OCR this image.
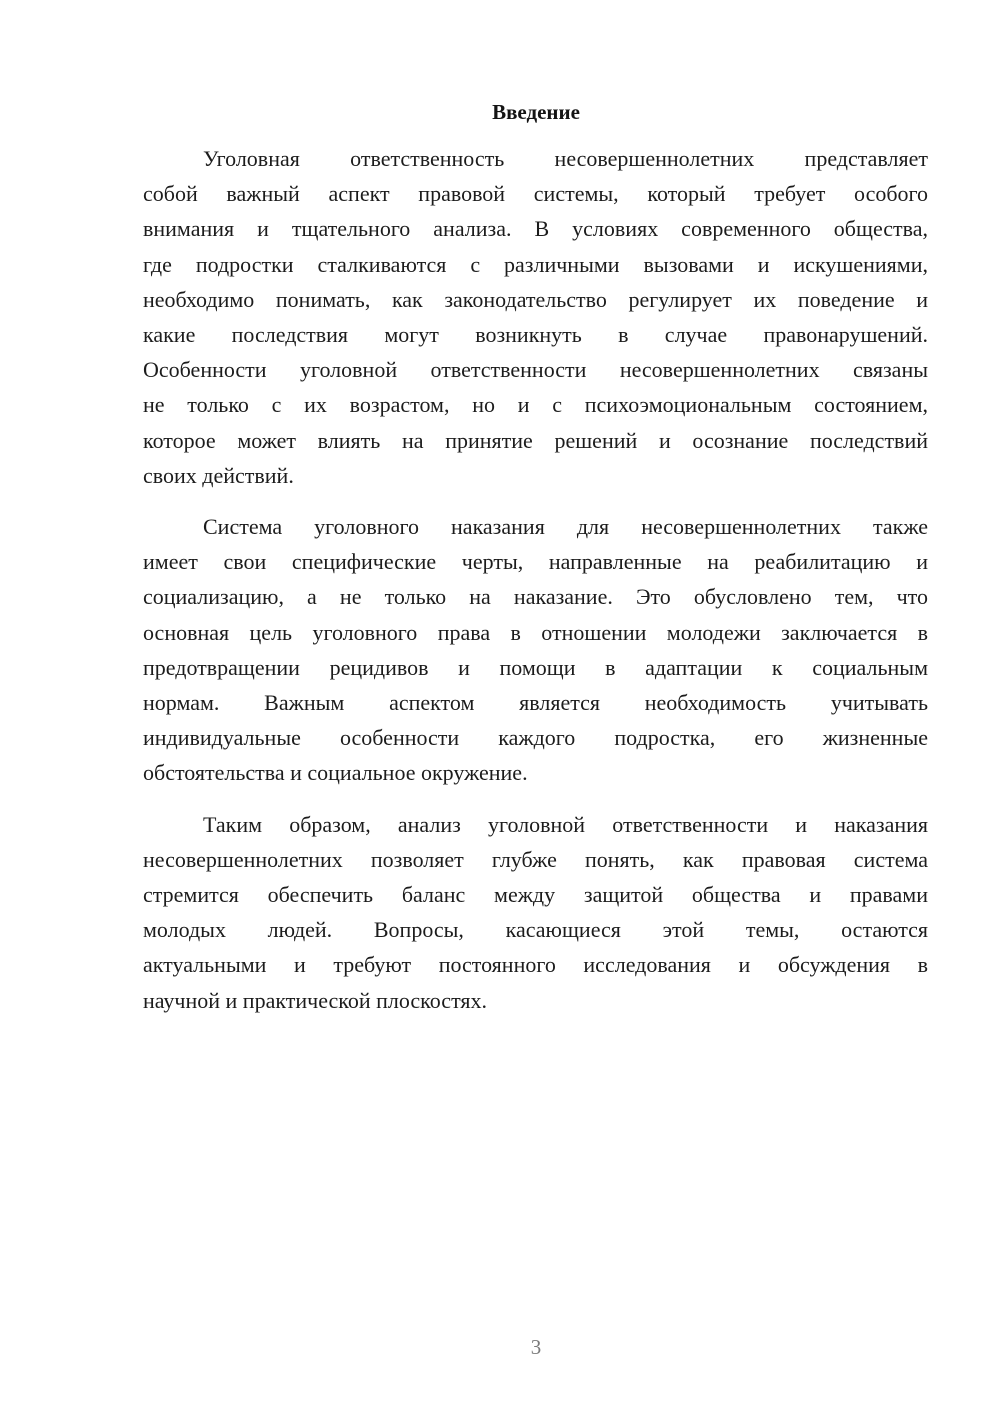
Введение
Уголовная ответственность несовершеннолетних представляет
собой важный аспект правовой системы, который требует особого
внимания и тщательного анализа. В условиях современного общества,
где подростки сталкиваются с различными вызовами и искушениями,
необходимо понимать, как законодательство регулирует их поведение и
какие последствия могут возникнуть в случае правонарушений.
Особенности уголовной ответственности несовершеннолетних связаны
не только с их возрастом, но и с психоэмоциональным состоянием,
которое может влиять на принятие решений и осознание последствий
своих действий.
Система уголовного наказания для несовершеннолетних также
имеет свои специфические черты, направленные на реабилитацию и
социализацию, а не только на наказание. Это обусловлено тем, что
основная цель уголовного права в отношении молодежи заключается в
предотвращении рецидивов и помощи в адаптации к социальным
нормам. Важным аспектом является необходимость учитывать
индивидуальные особенности каждого подростка, его жизненные
обстоятельства и социальное окружение.
Таким образом, анализ уголовной ответственности и наказания
несовершеннолетних позволяет глубже понять, как правовая система
стремится обеспечить баланс между защитой общества и правами
молодых людей. Вопросы, касающиеся этой темы, остаются
актуальными и требуют постоянного исследования и обсуждения в
научной и практической плоскостях.
3
